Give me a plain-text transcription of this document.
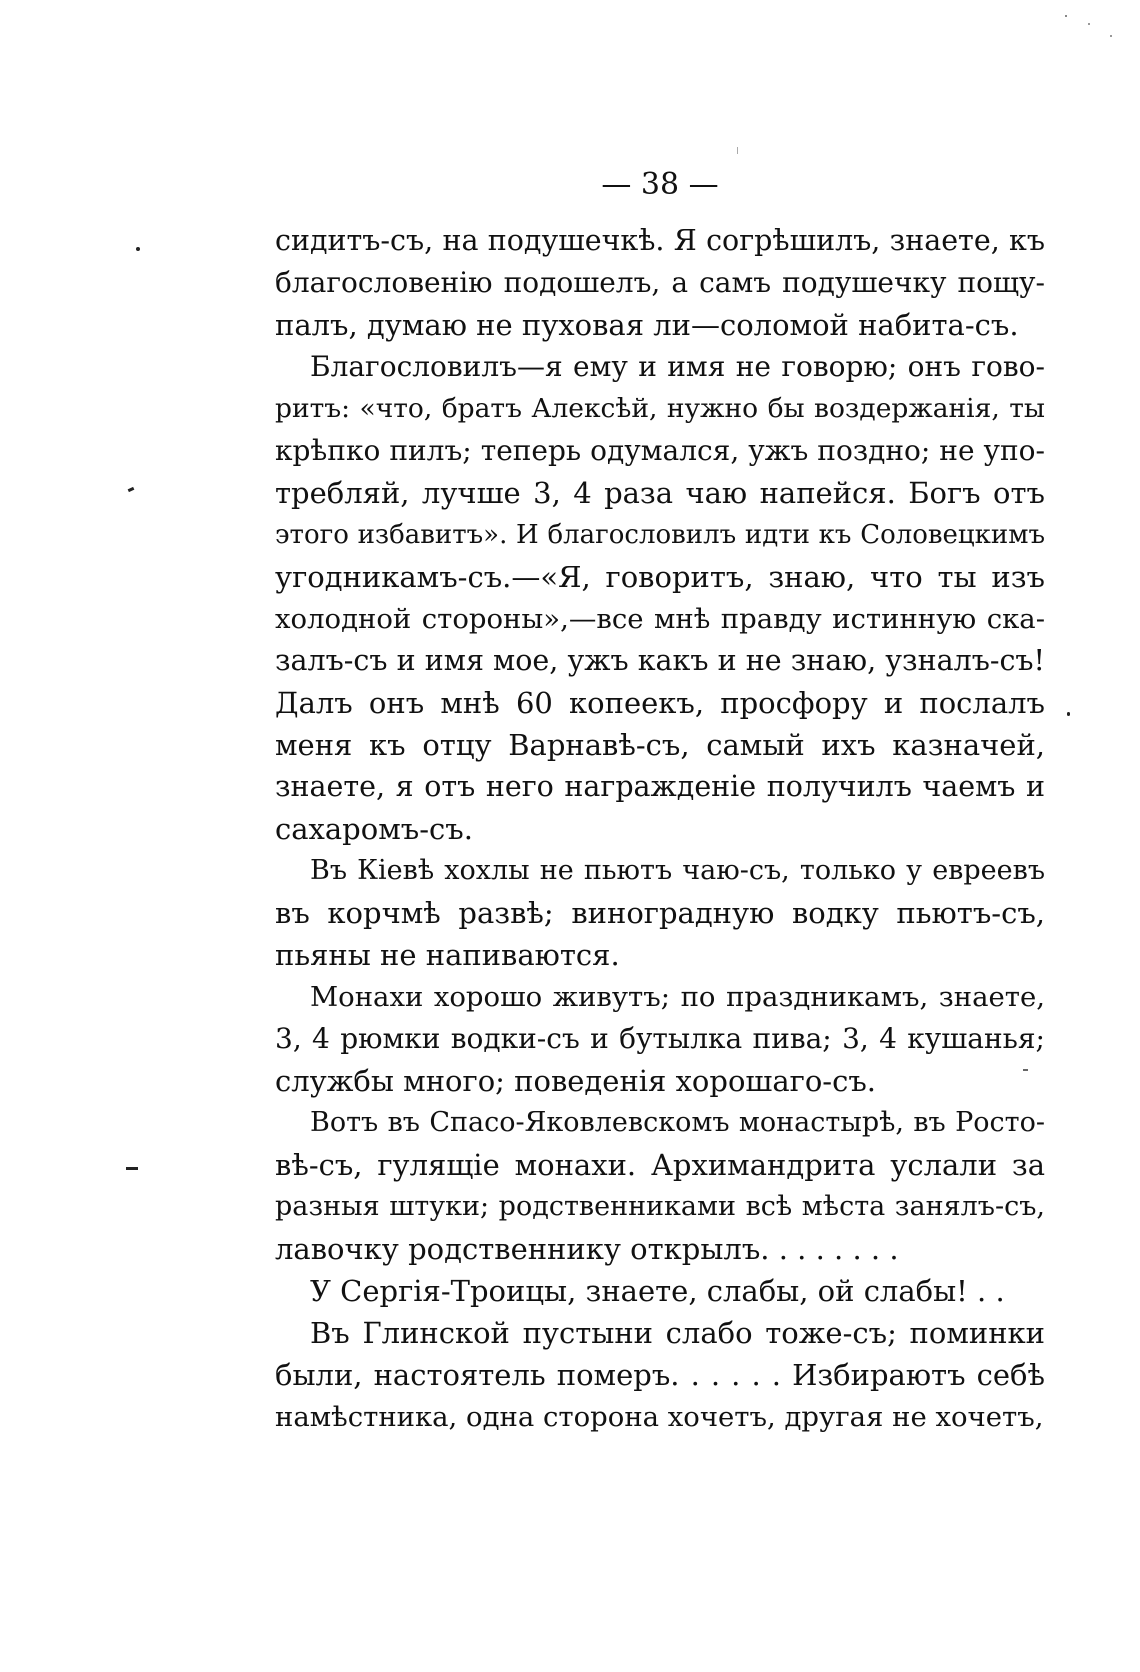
— 38 —
сидитъ-съ, на подушечкѣ. Я согрѣшилъ, знаете, къ
благословенію подошелъ, а самъ подушечку пощу-
палъ, думаю не пуховая ли—соломой набита-съ.
Благословилъ—я ему и имя не говорю; онъ гово-
ритъ: «что, братъ Алексѣй, нужно бы воздержанія, ты
крѣпко пилъ; теперь одумался, ужъ поздно; не упо-
требляй, лучше 3, 4 раза чаю напейся. Богъ отъ
этого избавитъ». И благословилъ идти къ Соловецкимъ
угодникамъ-съ.—«Я, говоритъ, знаю, что ты изъ
холодной стороны»,—все мнѣ правду истинную ска-
залъ-съ и имя мое, ужъ какъ и не знаю, узналъ-съ!
Далъ онъ мнѣ 60 копеекъ, просфору и послалъ
меня къ отцу Варнавѣ-съ, самый ихъ казначей,
знаете, я отъ него награжденіе получилъ чаемъ и
сахаромъ-съ.
Въ Кіевѣ хохлы не пьютъ чаю-съ, только у евреевъ
въ корчмѣ развѣ; виноградную водку пьютъ-съ,
пьяны не напиваются.
Монахи хорошо живутъ; по праздникамъ, знаете,
3, 4 рюмки водки-съ и бутылка пива; 3, 4 кушанья;
службы много; поведенія хорошаго-съ.
Вотъ въ Спасо-Яковлевскомъ монастырѣ, въ Росто-
вѣ-съ, гулящіе монахи. Архимандрита услали за
разныя штуки; родственниками всѣ мѣста занялъ-съ,
лавочку родственнику открылъ. . . . . . . .
У Сергія-Троицы, знаете, слабы, ой слабы! . .
Въ Глинской пустыни слабо тоже-съ; поминки
были, настоятель померъ. . . . . . Избираютъ себѣ
намѣстника, одна сторона хочетъ, другая не хочетъ,
